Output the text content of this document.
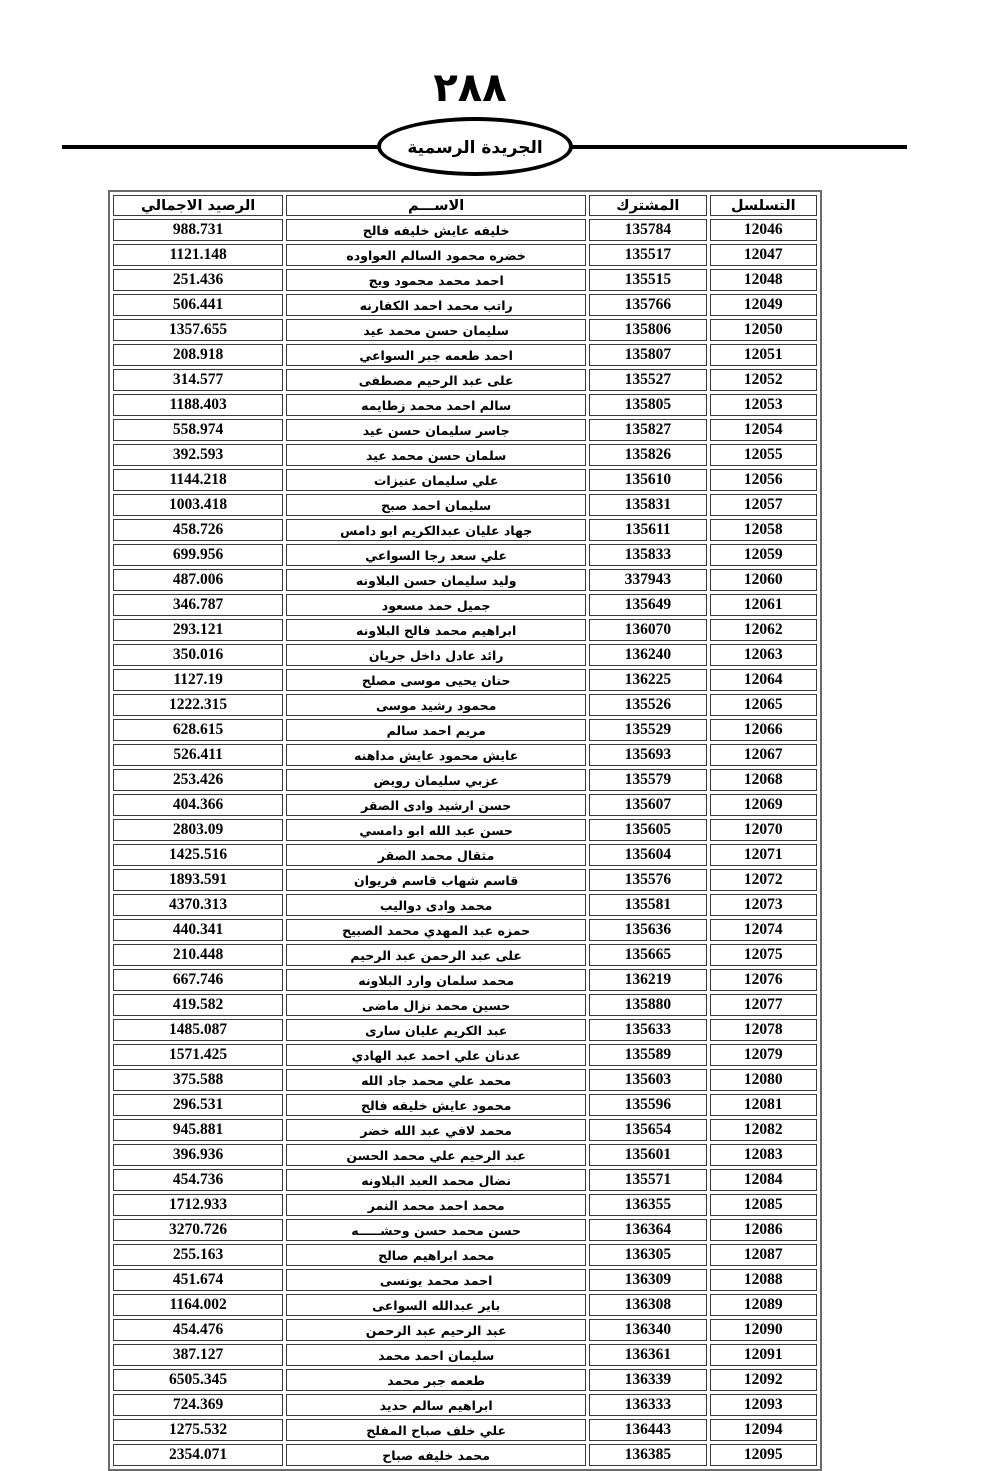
٢٨٨
الجريدة الرسمية
التسلسل	المشترك	الاســـم	الرصيد الاجمالي
12046	135784	خليفه عايش خليفه فالح	988.731
12047	135517	خضره محمود السالم العواوده	1121.148
12048	135515	احمد محمد محمود ويج	251.436
12049	135766	راتب محمد احمد الكفارنه	506.441
12050	135806	سليمان حسن محمد عيد	1357.655
12051	135807	احمد طعمه جبر السواعي	208.918
12052	135527	على عبد الرحيم مصطفى	314.577
12053	135805	سالم احمد محمد زطايمه	1188.403
12054	135827	جاسر سليمان حسن عيد	558.974
12055	135826	سلمان حسن محمد عيد	392.593
12056	135610	علي سليمان عنيزات	1144.218
12057	135831	سليمان احمد صبح	1003.418
12058	135611	جهاد عليان عبدالكريم ابو دامس	458.726
12059	135833	علي سعد رجا السواعي	699.956
12060	337943	وليد سليمان حسن البلاونه	487.006
12061	135649	جميل حمد مسعود	346.787
12062	136070	ابراهيم محمد فالح البلاونه	293.121
12063	136240	رائد عادل داخل جريان	350.016
12064	136225	حنان يحيى موسى مصلح	1127.19
12065	135526	محمود رشيد موسى	1222.315
12066	135529	مريم احمد سالم	628.615
12067	135693	عايش محمود عايش مداهنه	526.411
12068	135579	عزبي سليمان رويض	253.426
12069	135607	حسن ارشيد وادى الصقر	404.366
12070	135605	حسن عبد الله ابو دامسي	2803.09
12071	135604	مثقال محمد الصقر	1425.516
12072	135576	قاسم شهاب قاسم فريوان	1893.591
12073	135581	محمد وادى دواليب	4370.313
12074	135636	حمزه عبد المهدي محمد الصبيح	440.341
12075	135665	على عبد الرحمن عبد الرحيم	210.448
12076	136219	محمد سلمان وارد البلاونه	667.746
12077	135880	حسين محمد نزال ماضى	419.582
12078	135633	عبد الكريم عليان سارى	1485.087
12079	135589	عدنان علي احمد عبد الهادي	1571.425
12080	135603	محمد علي محمد جاد الله	375.588
12081	135596	محمود عايش خليفه فالح	296.531
12082	135654	محمد لافي عبد الله خضر	945.881
12083	135601	عبد الرحيم علي محمد الحسن	396.936
12084	135571	نضال محمد العبد البلاونه	454.736
12085	136355	محمد احمد محمد النمر	1712.933
12086	136364	حسن محمد حسن وحشـــــه	3270.726
12087	136305	محمد ابراهيم صالح	255.163
12088	136309	احمد محمد يونسى	451.674
12089	136308	باير عبدالله السواعى	1164.002
12090	136340	عبد الرحيم عبد الرحمن	454.476
12091	136361	سليمان احمد محمد	387.127
12092	136339	طعمه جبر محمد	6505.345
12093	136333	ابراهيم سالم حديد	724.369
12094	136443	علي خلف صباح المفلح	1275.532
12095	136385	محمد خليفه صباح	2354.071
